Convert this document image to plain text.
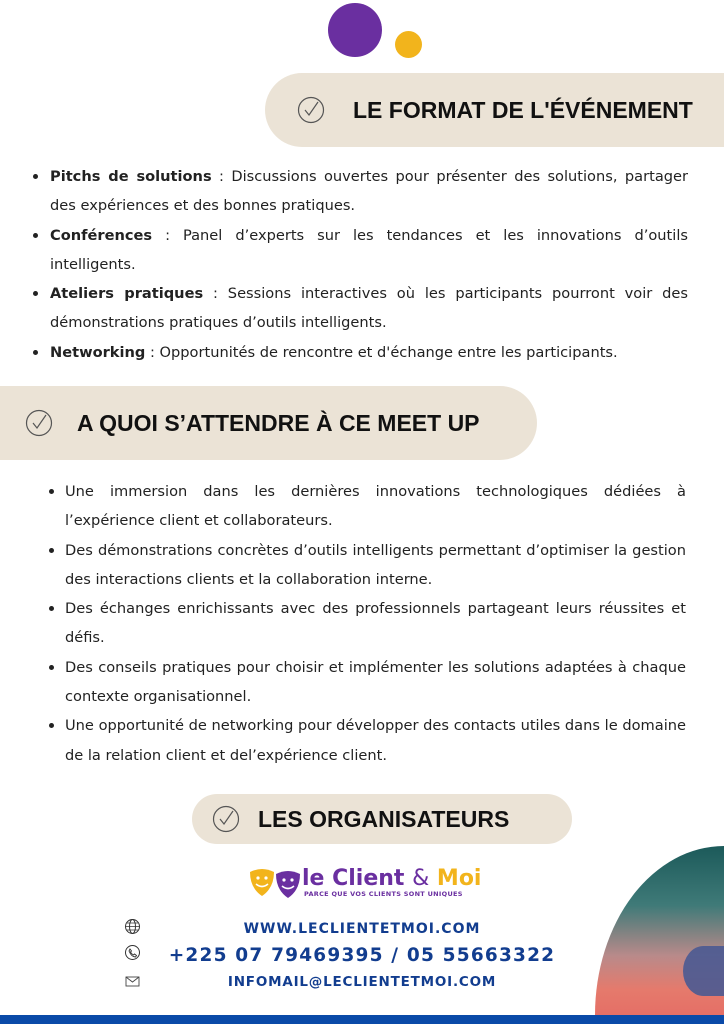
LE FORMAT DE L'ÉVÉNEMENT
Pitchs de solutions : Discussions ouvertes pour présenter des solutions, partager des expériences et des bonnes pratiques.
Conférences : Panel d’experts sur les tendances et les innovations d’outils intelligents.
Ateliers pratiques : Sessions interactives où les participants pourront voir des démonstrations pratiques d’outils intelligents.
Networking : Opportunités de rencontre et d'échange entre les participants.
A QUOI S’ATTENDRE À CE MEET UP
Une immersion dans les dernières innovations technologiques dédiées à l’expérience client et collaborateurs.
Des démonstrations concrètes d’outils intelligents permettant d’optimiser la gestion des interactions clients et la collaboration interne.
Des échanges enrichissants avec des professionnels partageant leurs réussites et défis.
Des conseils pratiques pour choisir et implémenter les solutions adaptées à chaque contexte organisationnel.
Une opportunité de networking pour développer des contacts utiles dans le domaine de la relation client et del’expérience client.
LES ORGANISATEURS
le Client & Moi
PARCE QUE VOS CLIENTS SONT UNIQUES
WWW.LECLIENTETMOI.COM
+225 07 79469395 / 05 55663322
INFOMAIL@LECLIENTETMOI.COM
